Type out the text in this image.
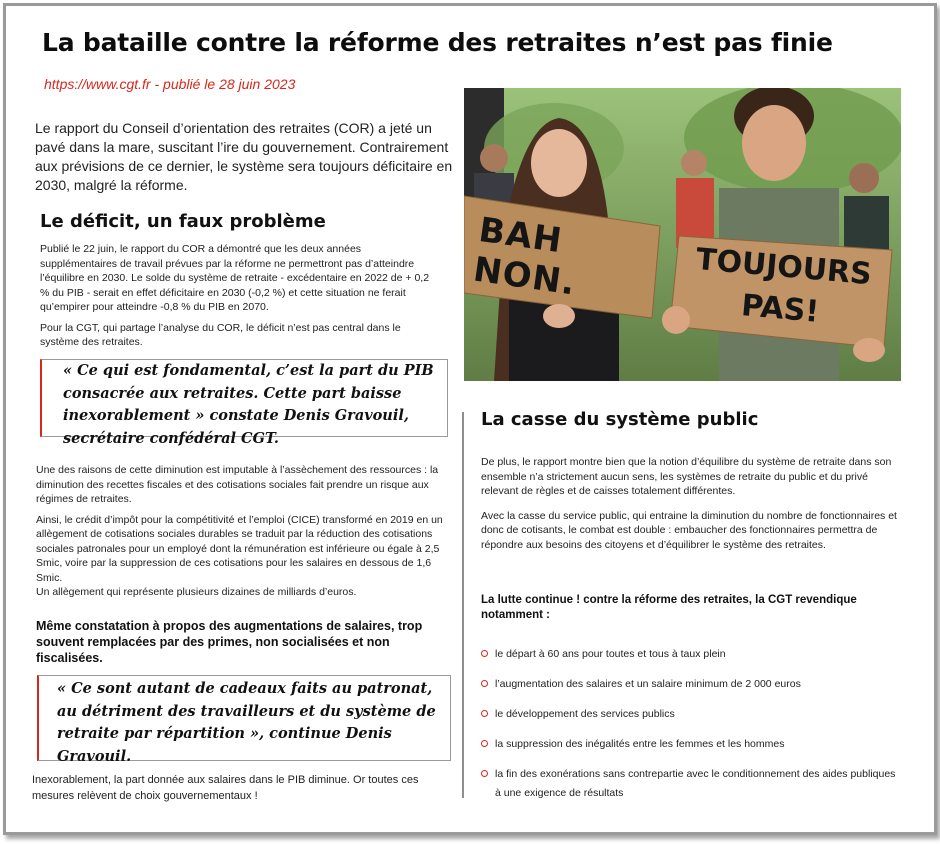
La bataille contre la réforme des retraites n’est pas finie
https://www.cgt.fr - publié le 28 juin 2023
Le rapport du Conseil d’orientation des retraites (COR) a jeté un pavé dans la mare, suscitant l’ire du gouvernement. Contrairement aux prévisions de ce dernier, le système sera toujours déficitaire en 2030, malgré la réforme.
Le déficit, un faux problème

Publié le 22 juin, le rapport du COR a démontré que les deux années supplémentaires de travail prévues par la réforme ne permettront pas d’atteindre l’équilibre en 2030. Le solde du système de retraite - excédentaire en 2022 de + 0,2 % du PIB - serait en effet déficitaire en 2030 (-0,2 %) et cette situation ne ferait qu’empirer pour atteindre -0,8 % du PIB en 2070.

Pour la CGT, qui partage l’analyse du COR, le déficit n’est pas central dans le système des retraites.

« Ce qui est fondamental, c’est la part du PIB consacrée aux retraites. Cette part baisse inexorablement » constate Denis Gravouil, secrétaire confédéral CGT.

Une des raisons de cette diminution est imputable à l’assèchement des ressources : la diminution des recettes fiscales et des cotisations sociales fait prendre un risque aux régimes de retraites.

Ainsi, le crédit d’impôt pour la compétitivité et l’emploi (CICE) transformé en 2019 en un allègement de cotisations sociales durables se traduit par la réduction des cotisations sociales patronales pour un employé dont la rémunération est inférieure ou égale à 2,5 Smic, voire par la suppression de ces cotisations pour les salaires en dessous de 1,6 Smic.

Un allègement qui représente plusieurs dizaines de milliards d’euros.

Même constatation à propos des augmentations de salaires, trop souvent remplacées par des primes, non socialisées et non fiscalisées.
« Ce sont autant de cadeaux faits au patronat, au détriment des travailleurs et du système de retraite par répartition », continue Denis Gravouil.
Inexorablement, la part donnée aux salaires dans le PIB diminue. Or toutes ces mesures relèvent de choix gouvernementaux !
BAH NON.	TOUJOURS PAS!
La casse du système public

De plus, le rapport montre bien que la notion d’équilibre du système de retraite dans son ensemble n’a strictement aucun sens, les systèmes de retraite du public et du privé relevant de règles et de caisses totalement différentes.

Avec la casse du service public, qui entraine la diminution du nombre de fonctionnaires et donc de cotisants, le combat est double : embaucher des fonctionnaires permettra de répondre aux besoins des citoyens et d’équilibrer le système des retraites.

La lutte continue ! contre la réforme des retraites, la CGT revendique notamment :
le départ à 60 ans pour toutes et tous à taux plein
l’augmentation des salaires et un salaire minimum de 2 000 euros
le développement des services publics
la suppression des inégalités entre les femmes et les hommes
la fin des exonérations sans contrepartie avec le conditionnement des aides publiques à une exigence de résultats
